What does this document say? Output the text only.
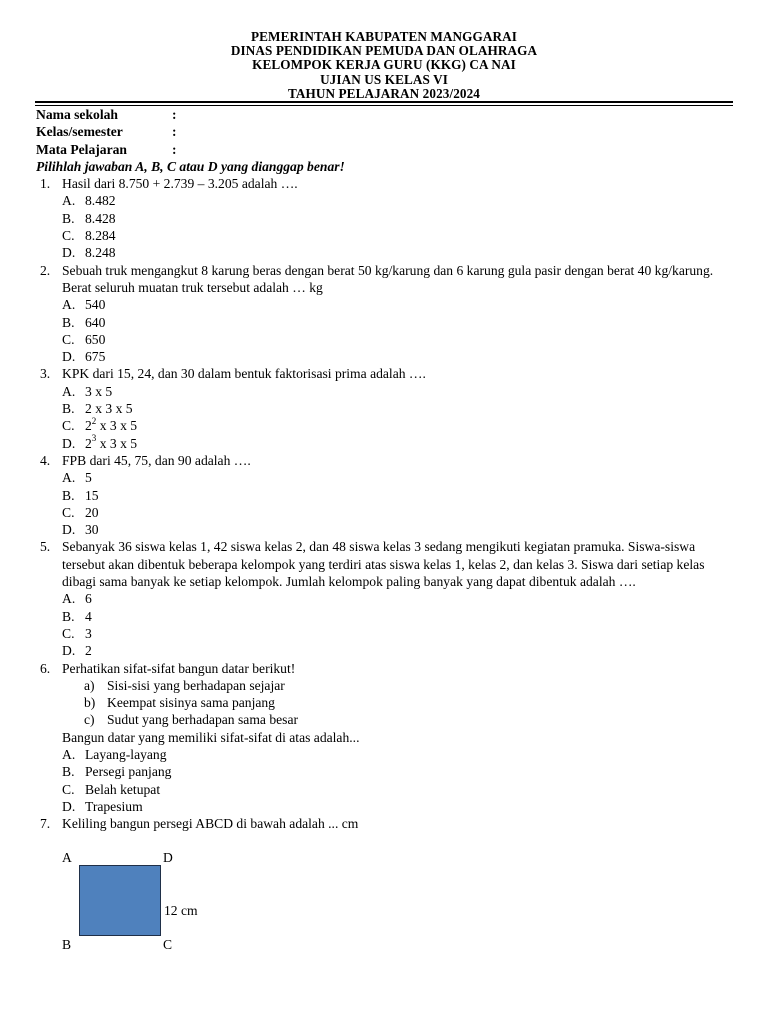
PEMERINTAH KABUPATEN MANGGARAI
DINAS PENDIDIKAN PEMUDA DAN OLAHRAGA
KELOMPOK KERJA GURU (KKG) CA NAI
UJIAN US KELAS VI
TAHUN PELAJARAN 2023/2024
Nama sekolah	:
Kelas/semester	:
Mata Pelajaran	:
Pilihlah jawaban A, B, C atau D yang dianggap benar!
1. Hasil dari 8.750 + 2.739 – 3.205 adalah ….
A. 8.482
B. 8.428
C. 8.284
D. 8.248
2. Sebuah truk mengangkut 8 karung beras dengan berat 50 kg/karung dan 6 karung gula pasir dengan berat 40 kg/karung. Berat seluruh muatan truk tersebut adalah … kg
A. 540
B. 640
C. 650
D. 675
3. KPK dari 15, 24, dan 30 dalam bentuk faktorisasi prima adalah ….
A. 3 x 5
B. 2 x 3 x 5
C. $2^2$ x 3 x 5
D. $2^3$ x 3 x 5
4. FPB dari 45, 75, dan 90 adalah ….
A. 5
B. 15
C. 20
D. 30
5. Sebanyak 36 siswa kelas 1, 42 siswa kelas 2, dan 48 siswa kelas 3 sedang mengikuti kegiatan pramuka. Siswa-siswa tersebut akan dibentuk beberapa kelompok yang terdiri atas siswa kelas 1, kelas 2, dan kelas 3. Siswa dari setiap kelas dibagi sama banyak ke setiap kelompok. Jumlah kelompok paling banyak yang dapat dibentuk adalah ….
A. 6
B. 4
C. 3
D. 2
6. Perhatikan sifat-sifat bangun datar berikut!
a) Sisi-sisi yang berhadapan sejajar
b) Keempat sisinya sama panjang
c) Sudut yang berhadapan sama besar
Bangun datar yang memiliki sifat-sifat di atas adalah...
A. Layang-layang
B. Persegi panjang
C. Belah ketupat
D. Trapesium
7. Keliling bangun persegi ABCD di bawah adalah ... cm
A	D
12 cm
B	C
